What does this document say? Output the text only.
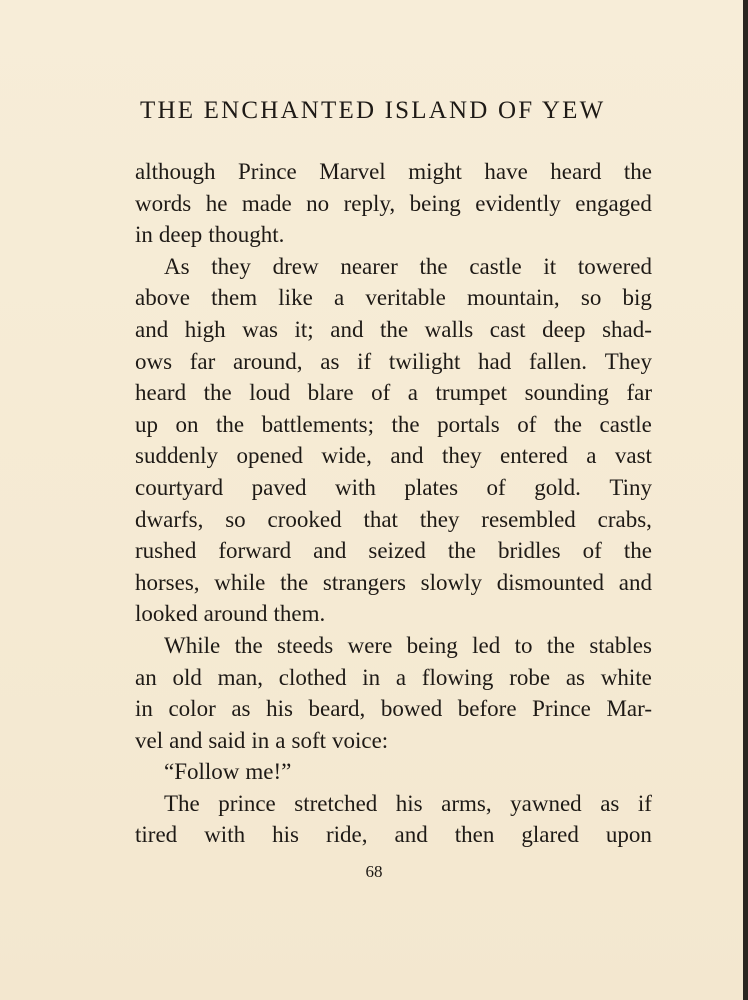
THE ENCHANTED ISLAND OF YEW
although Prince Marvel might have heard the
words he made no reply, being evidently engaged
in deep thought.
As they drew nearer the castle it towered
above them like a veritable mountain, so big
and high was it; and the walls cast deep shad-
ows far around, as if twilight had fallen. They
heard the loud blare of a trumpet sounding far
up on the battlements; the portals of the castle
suddenly opened wide, and they entered a vast
courtyard paved with plates of gold. Tiny
dwarfs, so crooked that they resembled crabs,
rushed forward and seized the bridles of the
horses, while the strangers slowly dismounted and
looked around them.
While the steeds were being led to the stables
an old man, clothed in a flowing robe as white
in color as his beard, bowed before Prince Mar-
vel and said in a soft voice:
“Follow me!”
The prince stretched his arms, yawned as if
tired with his ride, and then glared upon
68
